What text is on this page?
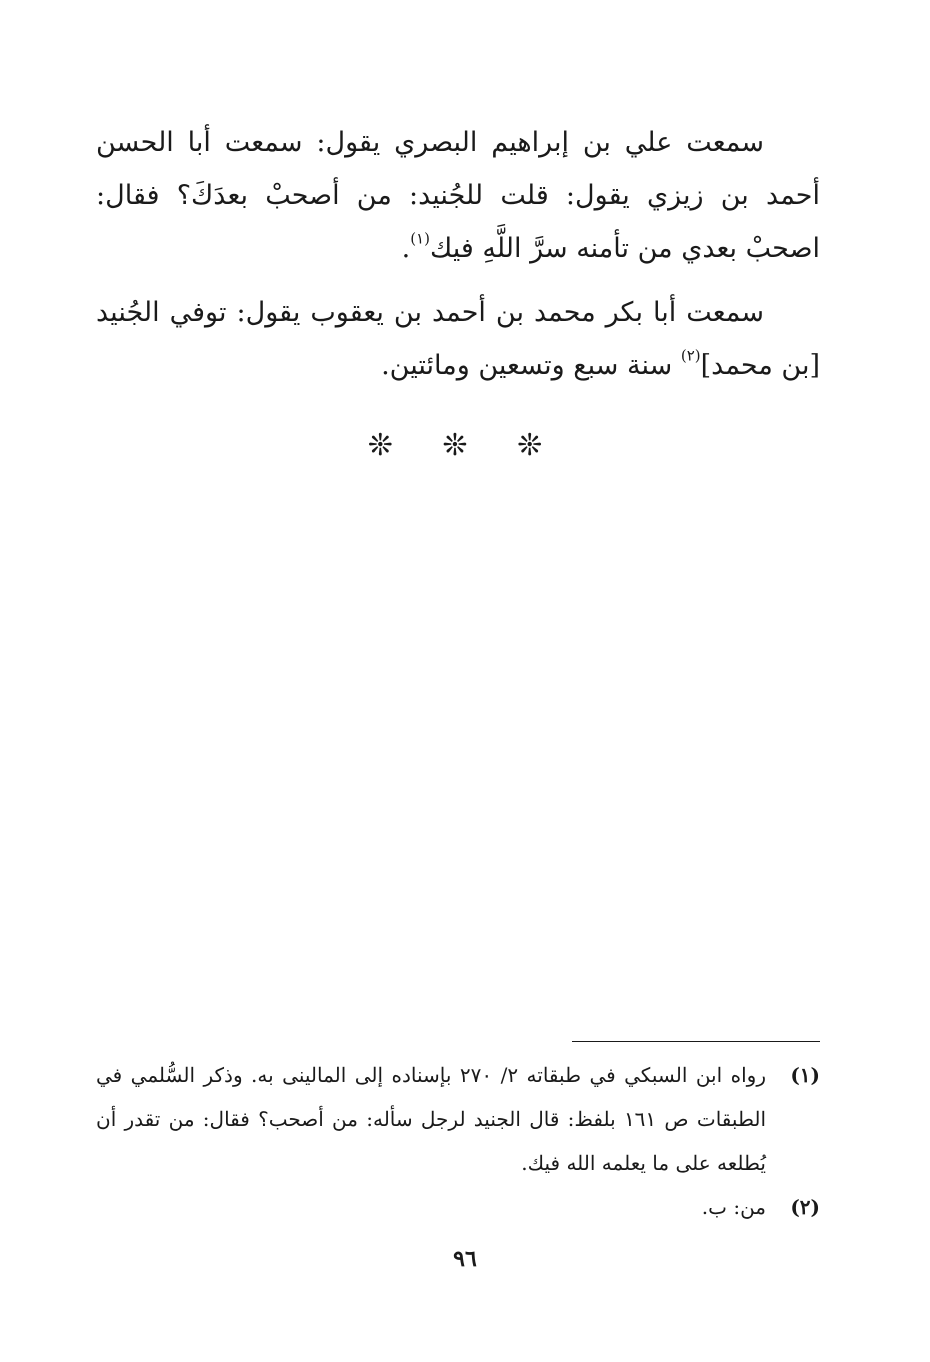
سمعت علي بن إبراهيم البصري يقول: سمعت أبا الحسن أحمد بن زيزي يقول: قلت للجُنيد: من أصحبْ بعدَكَ؟ فقال: اصحبْ بعدي من تأمنه سرَّ اللَّهِ فيك$^{(١)}$.

سمعت أبا بكر محمد بن أحمد بن يعقوب يقول: توفي الجُنيد [بن محمد]$^{(٢)}$ سنة سبع وتسعين ومائتين.

❊ ❊ ❊
(١)
رواه ابن السبكي في طبقاته ٢/ ٢٧٠ بإسناده إلى المالينى به. وذكر السُّلمي في الطبقات ص ١٦١ بلفظ: قال الجنيد لرجل سأله: من أصحب؟ فقال: من تقدر أن يُطلعه على ما يعلمه الله فيك.
(٢)
من: ب.
٩٦
